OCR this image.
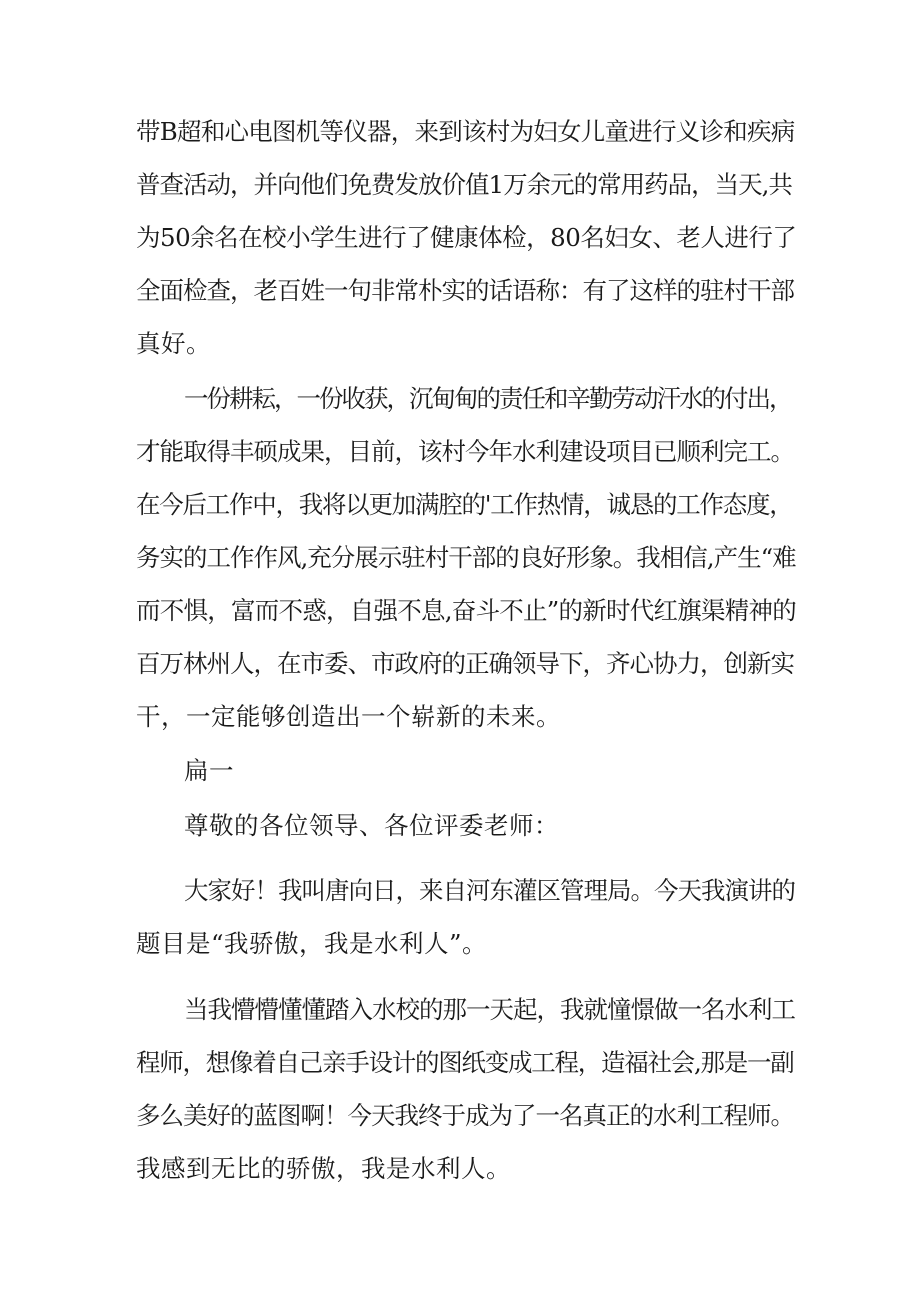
带B超和心电图机等仪器，来到该村为妇女儿童进行义诊和疾病
普查活动，并向他们免费发放价值1万余元的常用药品，当天,共
为50余名在校小学生进行了健康体检，80名妇女、老人进行了
全面检查，老百姓一句非常朴实的话语称：有了这样的驻村干部
真好。
一份耕耘，一份收获，沉甸甸的责任和辛勤劳动汗水的付出，
才能取得丰硕成果，目前，该村今年水利建设项目已顺利完工。
在今后工作中，我将以更加满腔的'工作热情，诚恳的工作态度，
务实的工作作风,充分展示驻村干部的良好形象。我相信,产生“难
而不惧，富而不惑，自强不息,奋斗不止”的新时代红旗渠精神的
百万林州人，在市委、市政府的正确领导下，齐心协力，创新实
干，一定能够创造出一个崭新的未来。
扁一
尊敬的各位领导、各位评委老师：
大家好！我叫唐向日，来自河东灌区管理局。今天我演讲的
题目是“我骄傲，我是水利人”。
当我懵懵懂懂踏入水校的那一天起，我就憧憬做一名水利工
程师，想像着自己亲手设计的图纸变成工程，造福社会,那是一副
多么美好的蓝图啊！今天我终于成为了一名真正的水利工程师。
我感到无比的骄傲，我是水利人。
